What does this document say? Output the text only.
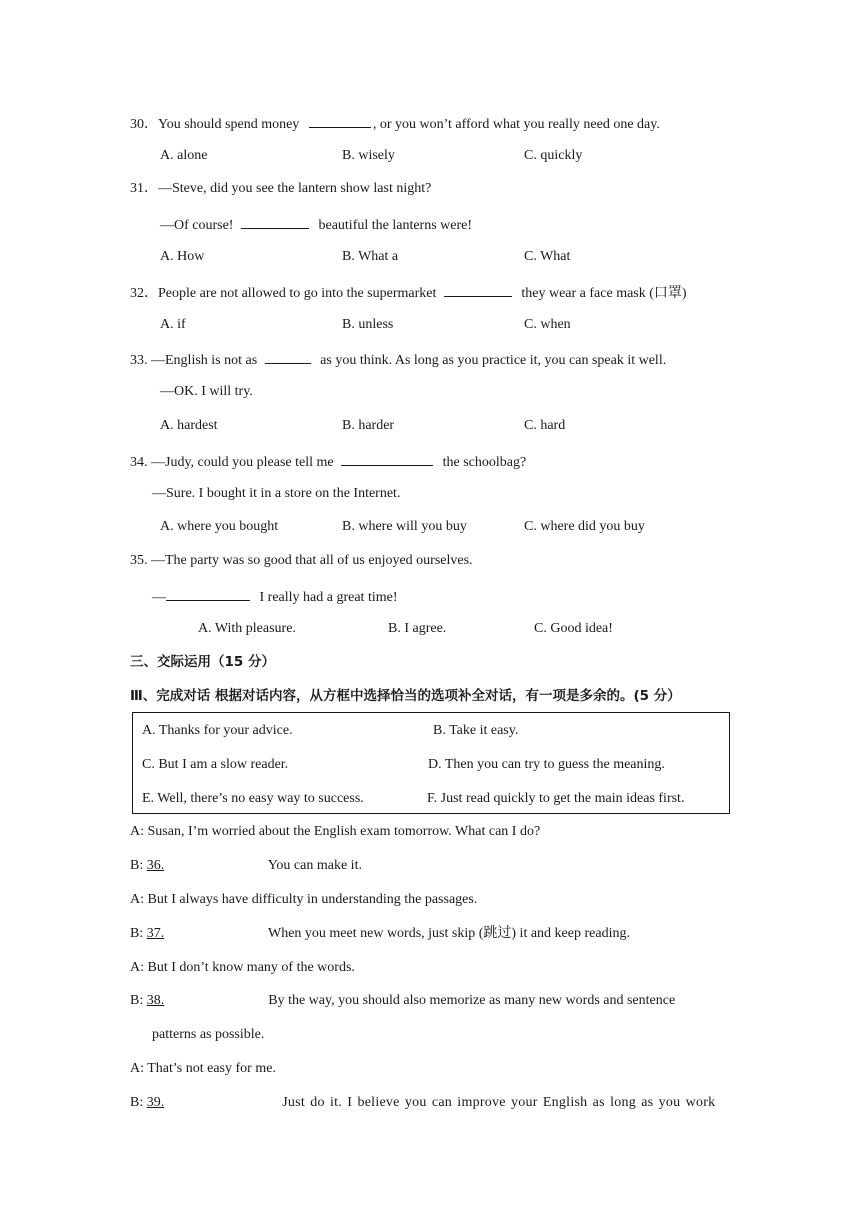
30．You should spend money	, or you won’t afford what you really need one day.
A. alone	B. wisely	C. quickly
31．—Steve, did you see the lantern show last night?
—Of course!	beautiful the lanterns were!
A. How	B. What a	C. What
32．People are not allowed to go into the supermarket	they wear a face mask (口罩)
A. if	B. unless	C. when
33. —English is not as	as you think. As long as you practice it, you can speak it well.
—OK. I will try.
A. hardest	B. harder	C. hard
34. —Judy, could you please tell me	the schoolbag?
—Sure. I bought it in a store on the Internet.
A. where you bought	B. where will you buy	C. where did you buy
35. —The party was so good that all of us enjoyed ourselves.
—	I really had a great time!
A. With pleasure.	B. I agree.	C. Good idea!
三、交际运用（15 分）
Ⅲ、完成对话 根据对话内容，从方框中选择恰当的选项补全对话，有一项是多余的。(5 分）
A. Thanks for your advice.	B. Take it easy.
C. But I am a slow reader.	D. Then you can try to guess the meaning.
E. Well, there’s no easy way to success.	F. Just read quickly to get the main ideas first.
A: Susan, I’m worried about the English exam tomorrow. What can I do?
B: 36.	You can make it.
A: But I always have difficulty in understanding the passages.
B: 37.	When you meet new words, just skip (跳过) it and keep reading.
A: But I don’t know many of the words.
B: 38.	By the way, you should also memorize as many new words and sentence
patterns as possible.
A: That’s not easy for me.
B: 39.	Just do it. I believe you can improve your English as long as you work
